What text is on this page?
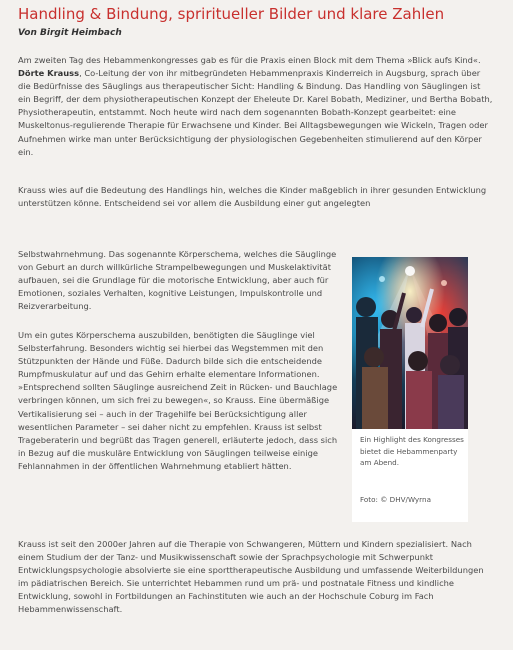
Handling & Bindung, spriritueller Bilder und klare Zahlen
Von Birgit Heimbach

Am zweiten Tag des Hebammenkongresses gab es für die Praxis einen Block mit dem Thema »Blick aufs Kind«. Dörte Krauss, Co-Leitung der von ihr mitbegründeten Hebammenpraxis Kinderreich in Augsburg, sprach über die Bedürfnisse des Säuglings aus therapeutischer Sicht: Handling & Bindung. Das Handling von Säuglingen ist ein Begriff, der dem physiotherapeutischen Konzept der Eheleute Dr. Karel Bobath, Mediziner, und Bertha Bobath, Physiotherapeutin, entstammt. Noch heute wird nach dem sogenannten Bobath-Konzept gearbeitet: eine Muskeltonus-regulierende Therapie für Erwachsene und Kinder. Bei Alltagsbewegungen wie Wickeln, Tragen oder Aufnehmen wirke man unter Berücksichtigung der physiologischen Gegebenheiten stimulierend auf den Körper ein.

Krauss wies auf die Bedeutung des Handlings hin, welches die Kinder maßgeblich in ihrer gesunden Entwicklung unterstützen könne. Entscheidend sei vor allem die Ausbildung einer gut angelegten

Selbstwahrnehmung. Das sogenannte Körperschema, welches die Säuglinge von Geburt an durch willkürliche Strampelbewegungen und Muskelaktivität aufbauen, sei die Grundlage für die motorische Entwicklung, aber auch für Emotionen, soziales Verhalten, kognitive Leistungen, Impulskontrolle und Reizverarbeitung.

Um ein gutes Körperschema auszubilden, benötigten die Säuglinge viel Selbsterfahrung. Besonders wichtig sei hierbei das Wegstemmen mit den Stützpunkten der Hände und Füße. Dadurch bilde sich die entscheidende Rumpfmuskulatur auf und das Gehirn erhalte elementare Informationen. »Entsprechend sollten Säuglinge ausreichend Zeit in Rücken- und Bauchlage verbringen können, um sich frei zu bewegen«, so Krauss. Eine übermäßige Vertikalisierung sei – auch in der Tragehilfe bei Berücksichtigung aller wesentlichen Parameter – sei daher nicht zu empfehlen. Krauss ist selbst Trageberaterin und begrüßt das Tragen generell, erläuterte jedoch, dass sich in Bezug auf die muskuläre Entwicklung von Säuglingen teilweise einige Fehlannahmen in der öffentlichen Wahrnehmung etabliert hätten.

Ein Highlight des Kongresses bietet die Hebammenparty am Abend.
Foto: © DHV/Wyrna

Krauss ist seit den 2000er Jahren auf die Therapie von Schwangeren, Müttern und Kindern spezialisiert. Nach einem Studium der der Tanz- und Musikwissenschaft sowie der Sprachpsychologie mit Schwerpunkt Entwicklungspsychologie absolvierte sie eine sporttherapeutische Ausbildung und umfassende Weiterbildungen im pädiatrischen Bereich. Sie unterrichtet Hebammen rund um prä- und postnatale Fitness und kindliche Entwicklung, sowohl in Fortbildungen an Fachinstituten wie auch an der Hochschule Coburg im Fach Hebammenwissenschaft.
